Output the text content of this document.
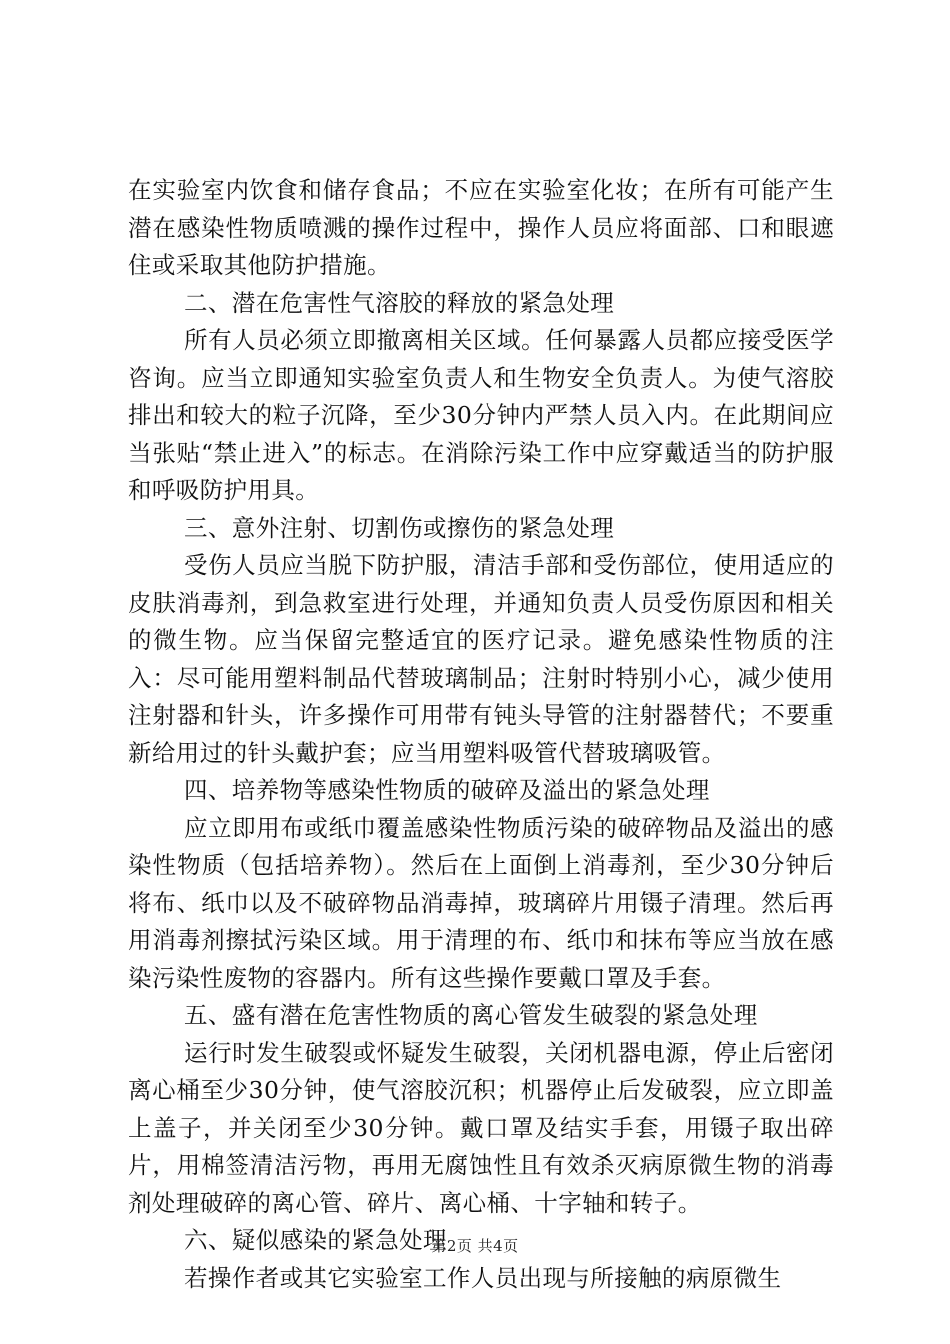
在实验室内饮食和储存食品；不应在实验室化妆；在所有可能产生潜在感染性物质喷溅的操作过程中，操作人员应将面部、口和眼遮住或采取其他防护措施。

二、潜在危害性气溶胶的释放的紧急处理

所有人员必须立即撤离相关区域。任何暴露人员都应接受医学咨询。应当立即通知实验室负责人和生物安全负责人。为使气溶胶排出和较大的粒子沉降，至少30分钟内严禁人员入内。在此期间应当张贴“禁止进入”的标志。在消除污染工作中应穿戴适当的防护服和呼吸防护用具。

三、意外注射、切割伤或擦伤的紧急处理

受伤人员应当脱下防护服，清洁手部和受伤部位，使用适应的皮肤消毒剂，到急救室进行处理，并通知负责人员受伤原因和相关的微生物。应当保留完整适宜的医疗记录。避免感染性物质的注入：尽可能用塑料制品代替玻璃制品；注射时特别小心，减少使用注射器和针头，许多操作可用带有钝头导管的注射器替代；不要重新给用过的针头戴护套；应当用塑料吸管代替玻璃吸管。

四、培养物等感染性物质的破碎及溢出的紧急处理

应立即用布或纸巾覆盖感染性物质污染的破碎物品及溢出的感染性物质（包括培养物）。然后在上面倒上消毒剂，至少30分钟后将布、纸巾以及不破碎物品消毒掉，玻璃碎片用镊子清理。然后再用消毒剂擦拭污染区域。用于清理的布、纸巾和抹布等应当放在感染污染性废物的容器内。所有这些操作要戴口罩及手套。

五、盛有潜在危害性物质的离心管发生破裂的紧急处理

运行时发生破裂或怀疑发生破裂，关闭机器电源，停止后密闭离心桶至少30分钟，使气溶胶沉积；机器停止后发破裂，应立即盖上盖子，并关闭至少30分钟。戴口罩及结实手套，用镊子取出碎片，用棉签清洁污物，再用无腐蚀性且有效杀灭病原微生物的消毒剂处理破碎的离心管、碎片、离心桶、十字轴和转子。

六、疑似感染的紧急处理

若操作者或其它实验室工作人员出现与所接触的病原微生

第2页 共4页
